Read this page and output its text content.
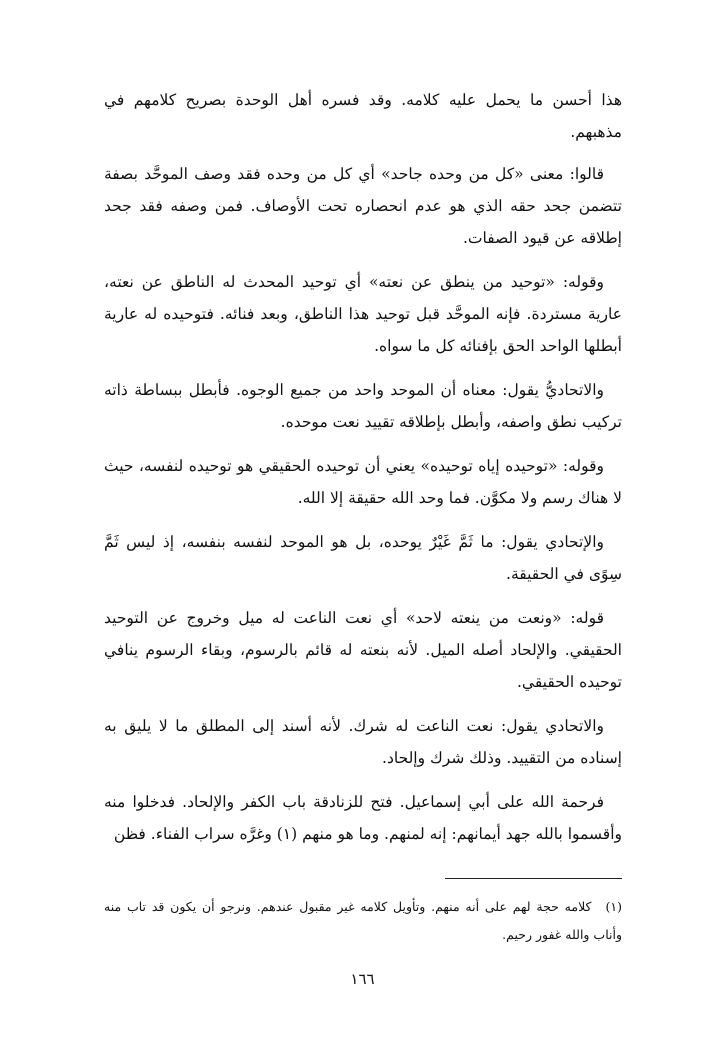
هذا أحسن ما يحمل عليه كلامه. وقد فسره أهل الوحدة بصريح كلامهم في مذهبهم.

قالوا: معنى «كل من وحده جاحد» أي كل من وحده فقد وصف الموحَّد بصفة تتضمن جحد حقه الذي هو عدم انحصاره تحت الأوصاف. فمن وصفه فقد جحد إطلاقه عن قيود الصفات.

وقوله: «توحيد من ينطق عن نعته» أي توحيد المحدث له الناطق عن نعته، عارية مستردة. فإنه الموحَّد قبل توحيد هذا الناطق، وبعد فنائه. فتوحيده له عارية أبطلها الواحد الحق بإفنائه كل ما سواه.

والاتحاديُّ يقول: معناه أن الموحد واحد من جميع الوجوه. فأبطل ببساطة ذاته تركيب نطق واصفه، وأبطل بإطلاقه تقييد نعت موحده.

وقوله: «توحيده إياه توحيده» يعني أن توحيده الحقيقي هو توحيده لنفسه، حيث لا هناك رسم ولا مكوَّن. فما وحد الله حقيقة إلا الله.

والإتحادي يقول: ما ثَمَّ غَيْرٌ يوحده، بل هو الموحد لنفسه بنفسه، إذ ليس ثَمَّ سِوًى في الحقيقة.

قوله: «ونعت من ينعته لاحد» أي نعت الناعت له ميل وخروج عن التوحيد الحقيقي. والإلحاد أصله الميل. لأنه بنعته له قائم بالرسوم، وبقاء الرسوم ينافي توحيده الحقيقي.

والاتحادي يقول: نعت الناعت له شرك. لأنه أسند إلى المطلق ما لا يليق به إسناده من التقييد. وذلك شرك وإلحاد.

فرحمة الله على أبي إسماعيل. فتح للزنادقة باب الكفر والإلحاد. فدخلوا منه وأقسموا بالله جهد أيمانهم: إنه لمنهم. وما هو منهم (١) وغرَّه سراب الفناء. فظن

(١)كلامه حجة لهم على أنه منهم. وتأويل كلامه غير مقبول عندهم. ونرجو أن يكون قد تاب منه وأناب والله غفور رحيم.
١٦٦
